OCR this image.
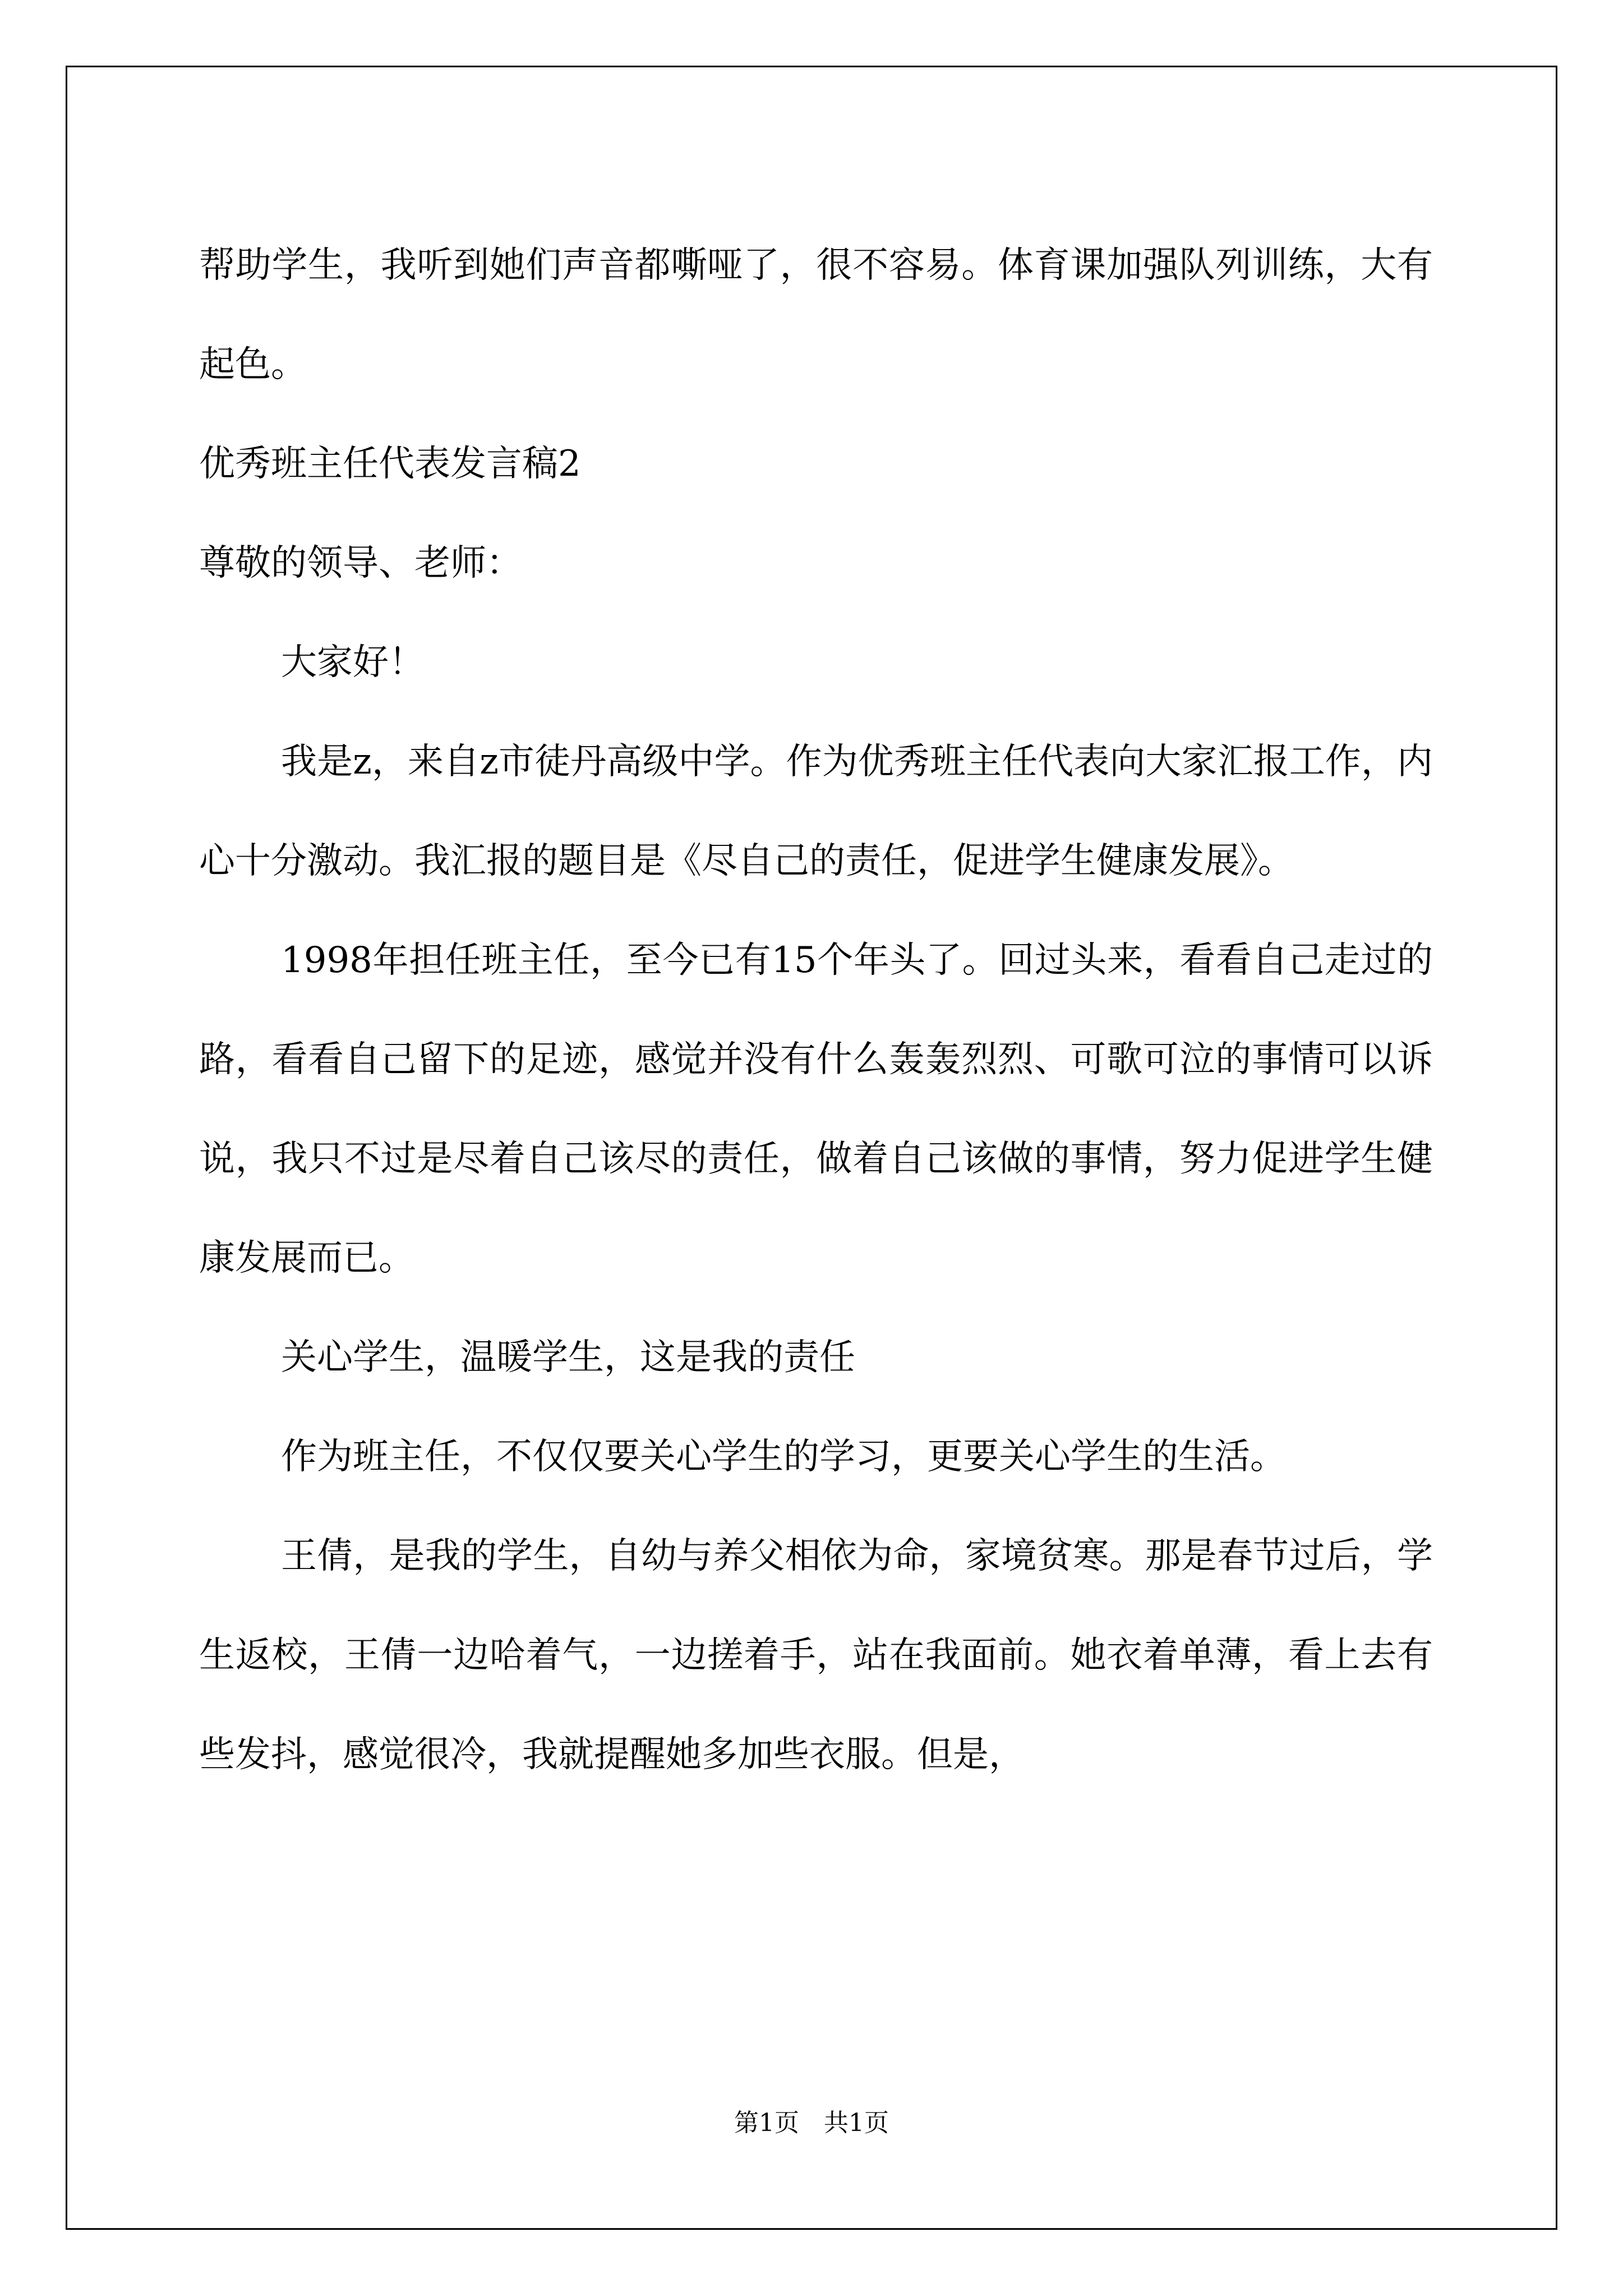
帮助学生，我听到她们声音都嘶哑了，很不容易。体育课加强队列训练，大有起色。

优秀班主任代表发言稿2

尊敬的领导、老师：

大家好！

我是z，来自z市徒丹高级中学。作为优秀班主任代表向大家汇报工作，内心十分激动。我汇报的题目是《尽自己的责任，促进学生健康发展》。

1998年担任班主任，至今已有15个年头了。回过头来，看看自己走过的路，看看自己留下的足迹，感觉并没有什么轰轰烈烈、可歌可泣的事情可以诉说，我只不过是尽着自己该尽的责任，做着自己该做的事情，努力促进学生健康发展而已。

关心学生，温暖学生，这是我的责任

作为班主任，不仅仅要关心学生的学习，更要关心学生的生活。

王倩，是我的学生，自幼与养父相依为命，家境贫寒。那是春节过后，学生返校，王倩一边哈着气，一边搓着手，站在我面前。她衣着单薄，看上去有些发抖，感觉很冷，我就提醒她多加些衣服。但是，

第1页　共1页
